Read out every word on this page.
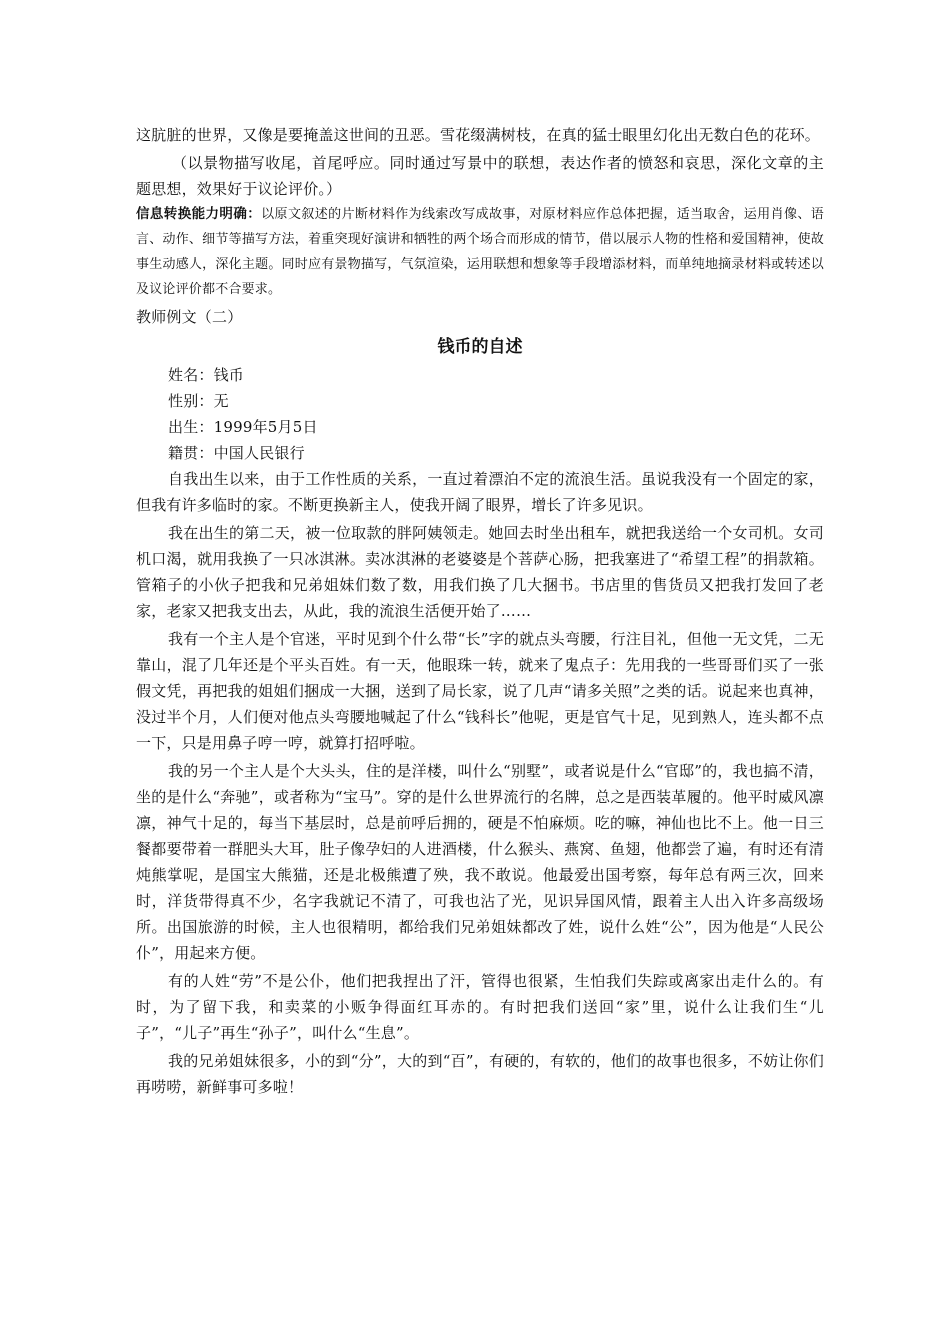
这肮脏的世界，又像是要掩盖这世间的丑恶。雪花缀满树枝，在真的猛士眼里幻化出无数白色的花环。

（以景物描写收尾，首尾呼应。同时通过写景中的联想，表达作者的愤怒和哀思，深化文章的主题思想，效果好于议论评价。）

信息转换能力明确：以原文叙述的片断材料作为线索改写成故事，对原材料应作总体把握，适当取舍，运用肖像、语言、动作、细节等描写方法，着重突现好演讲和牺牲的两个场合而形成的情节，借以展示人物的性格和爱国精神，使故事生动感人，深化主题。同时应有景物描写，气氛渲染，运用联想和想象等手段增添材料，而单纯地摘录材料或转述以及议论评价都不合要求。

教师例文（二）

钱币的自述

姓名：钱币

性别：无

出生：1999年5月5日

籍贯：中国人民银行

自我出生以来，由于工作性质的关系，一直过着漂泊不定的流浪生活。虽说我没有一个固定的家，但我有许多临时的家。不断更换新主人，使我开阔了眼界，增长了许多见识。

我在出生的第二天，被一位取款的胖阿姨领走。她回去时坐出租车，就把我送给一个女司机。女司机口渴，就用我换了一只冰淇淋。卖冰淇淋的老婆婆是个菩萨心肠，把我塞进了“希望工程”的捐款箱。管箱子的小伙子把我和兄弟姐妹们数了数，用我们换了几大捆书。书店里的售货员又把我打发回了老家，老家又把我支出去，从此，我的流浪生活便开始了……

我有一个主人是个官迷，平时见到个什么带“长”字的就点头弯腰，行注目礼，但他一无文凭，二无靠山，混了几年还是个平头百姓。有一天，他眼珠一转，就来了鬼点子：先用我的一些哥哥们买了一张假文凭，再把我的姐姐们捆成一大捆，送到了局长家，说了几声“请多关照”之类的话。说起来也真神，没过半个月，人们便对他点头弯腰地喊起了什么“钱科长”他呢，更是官气十足，见到熟人，连头都不点一下，只是用鼻子哼一哼，就算打招呼啦。

我的另一个主人是个大头头，住的是洋楼，叫什么“别墅”，或者说是什么“官邸”的，我也搞不清，坐的是什么“奔驰”，或者称为“宝马”。穿的是什么世界流行的名牌，总之是西装革履的。他平时威风凛凛，神气十足的，每当下基层时，总是前呼后拥的，硬是不怕麻烦。吃的嘛，神仙也比不上。他一日三餐都要带着一群肥头大耳，肚子像孕妇的人进酒楼，什么猴头、燕窝、鱼翅，他都尝了遍，有时还有清炖熊掌呢，是国宝大熊猫，还是北极熊遭了殃，我不敢说。他最爱出国考察，每年总有两三次，回来时，洋货带得真不少，名字我就记不清了，可我也沾了光，见识异国风情，跟着主人出入许多高级场所。出国旅游的时候，主人也很精明，都给我们兄弟姐妹都改了姓，说什么姓“公”，因为他是“人民公仆”，用起来方便。

有的人姓“劳”不是公仆，他们把我捏出了汗，管得也很紧，生怕我们失踪或离家出走什么的。有时，为了留下我，和卖菜的小贩争得面红耳赤的。有时把我们送回“家”里，说什么让我们生“儿子”，“儿子”再生“孙子”，叫什么“生息”。

我的兄弟姐妹很多，小的到“分”，大的到“百”，有硬的，有软的，他们的故事也很多，不妨让你们再唠唠，新鲜事可多啦！
